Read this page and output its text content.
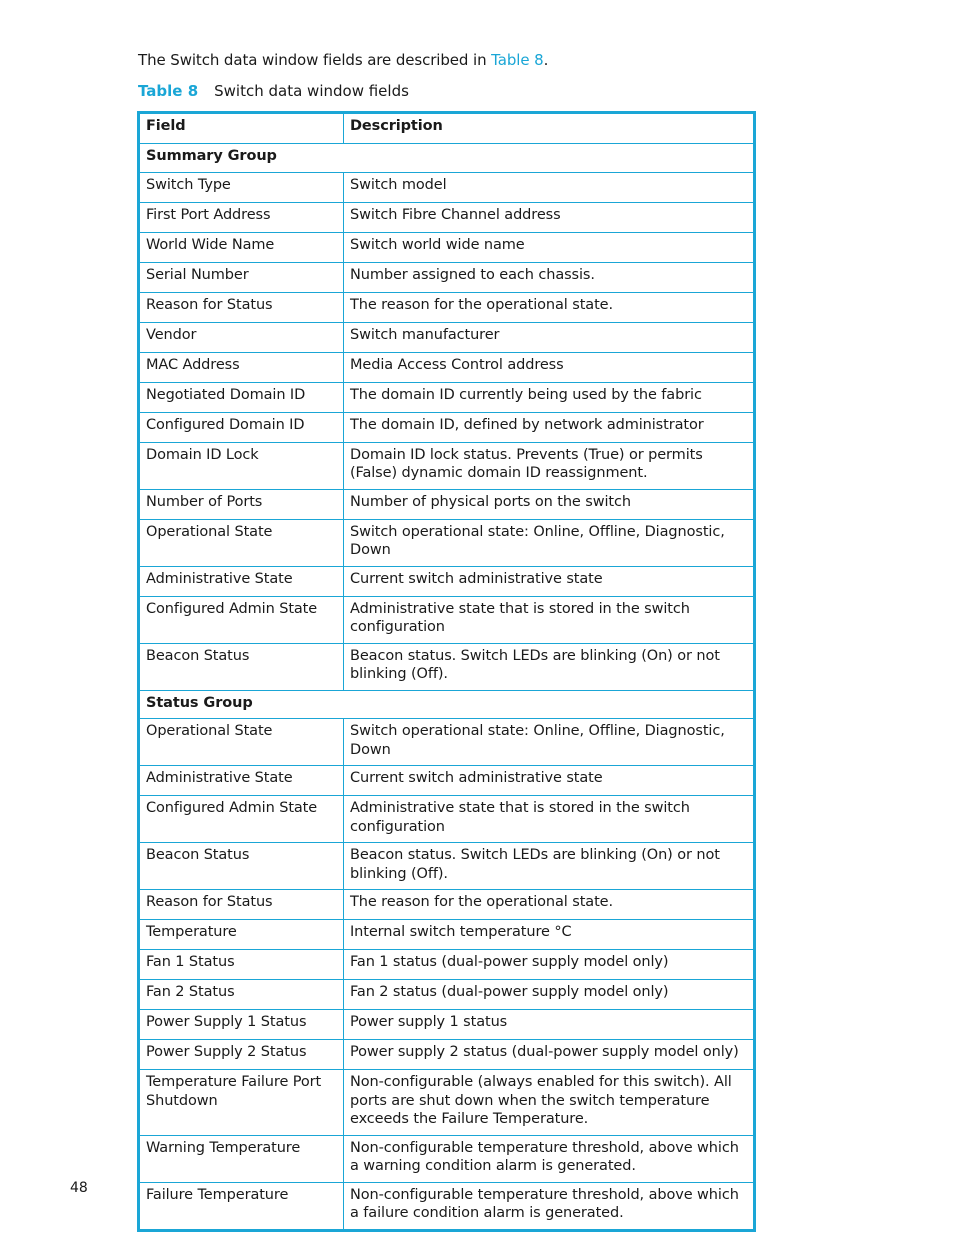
The Switch data window fields are described in Table 8.
Table 8 Switch data window fields
Field	Description
Summary Group	
Switch Type	Switch model
First Port Address	Switch Fibre Channel address
World Wide Name	Switch world wide name
Serial Number	Number assigned to each chassis.
Reason for Status	The reason for the operational state.
Vendor	Switch manufacturer
MAC Address	Media Access Control address
Negotiated Domain ID	The domain ID currently being used by the fabric
Configured Domain ID	The domain ID, defined by network administrator
Domain ID Lock	Domain ID lock status. Prevents (True) or permits (False) dynamic domain ID reassignment.
Number of Ports	Number of physical ports on the switch
Operational State	Switch operational state: Online, Offline, Diagnostic, Down
Administrative State	Current switch administrative state
Configured Admin State	Administrative state that is stored in the switch configuration
Beacon Status	Beacon status. Switch LEDs are blinking (On) or not blinking (Off).
Status Group	
Operational State	Switch operational state: Online, Offline, Diagnostic, Down
Administrative State	Current switch administrative state
Configured Admin State	Administrative state that is stored in the switch configuration
Beacon Status	Beacon status. Switch LEDs are blinking (On) or not blinking (Off).
Reason for Status	The reason for the operational state.
Temperature	Internal switch temperature °C
Fan 1 Status	Fan 1 status (dual-power supply model only)
Fan 2 Status	Fan 2 status (dual-power supply model only)
Power Supply 1 Status	Power supply 1 status
Power Supply 2 Status	Power supply 2 status (dual-power supply model only)
Temperature Failure Port Shutdown	Non-configurable (always enabled for this switch). All ports are shut down when the switch temperature exceeds the Failure Temperature.
Warning Temperature	Non-configurable temperature threshold, above which a warning condition alarm is generated.
Failure Temperature	Non-configurable temperature threshold, above which a failure condition alarm is generated.
48
